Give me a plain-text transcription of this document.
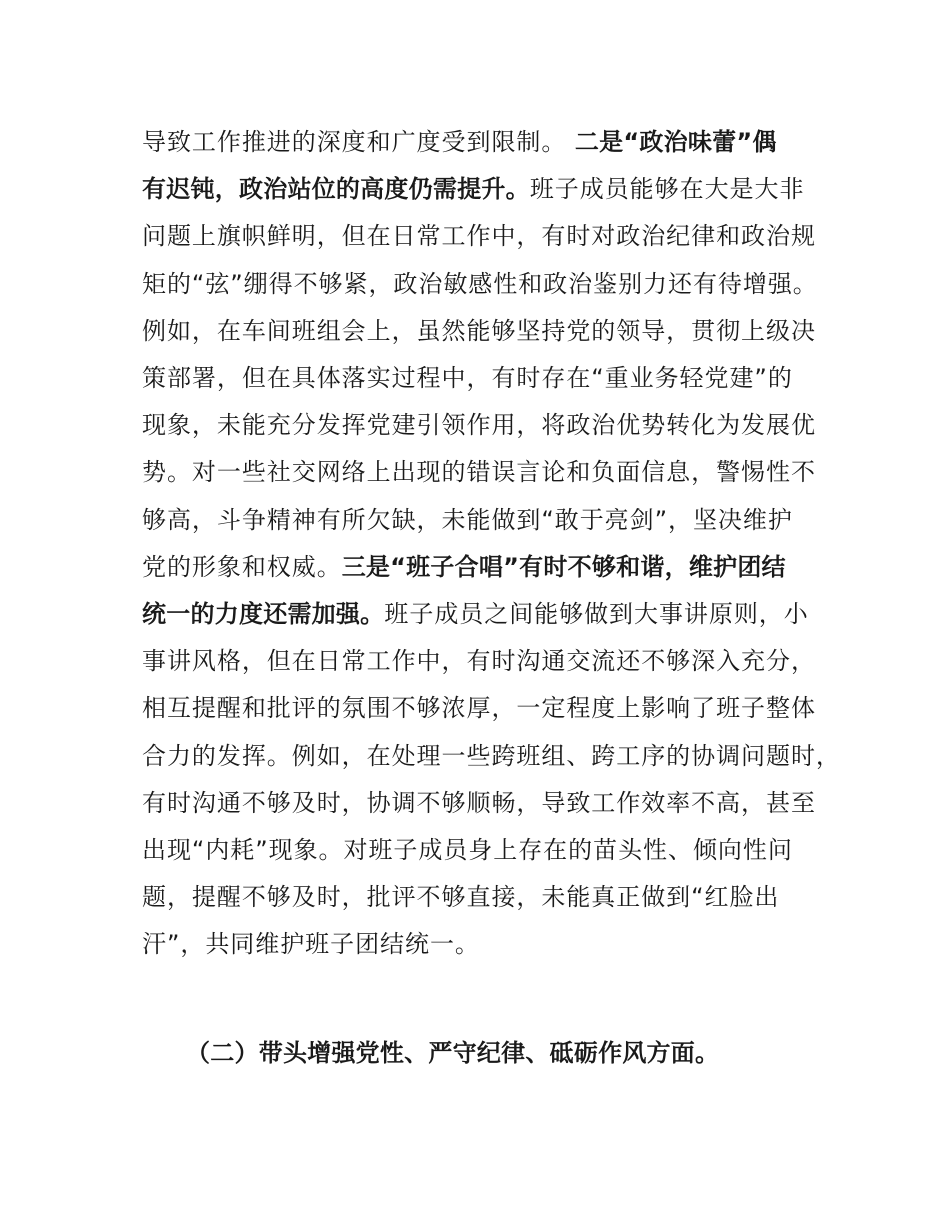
导致工作推进的深度和广度受到限制。 二是“政治味蕾”偶
有迟钝，政治站位的高度仍需提升。班子成员能够在大是大非
问题上旗帜鲜明，但在日常工作中，有时对政治纪律和政治规
矩的“弦”绷得不够紧，政治敏感性和政治鉴别力还有待增强。
例如，在车间班组会上，虽然能够坚持党的领导，贯彻上级决
策部署，但在具体落实过程中，有时存在“重业务轻党建”的
现象，未能充分发挥党建引领作用，将政治优势转化为发展优
势。对一些社交网络上出现的错误言论和负面信息，警惕性不
够高，斗争精神有所欠缺，未能做到“敢于亮剑”，坚决维护
党的形象和权威。三是“班子合唱”有时不够和谐，维护团结
统一的力度还需加强。班子成员之间能够做到大事讲原则，小
事讲风格，但在日常工作中，有时沟通交流还不够深入充分，
相互提醒和批评的氛围不够浓厚，一定程度上影响了班子整体
合力的发挥。例如，在处理一些跨班组、跨工序的协调问题时，
有时沟通不够及时，协调不够顺畅，导致工作效率不高，甚至
出现“内耗”现象。对班子成员身上存在的苗头性、倾向性问
题，提醒不够及时，批评不够直接，未能真正做到“红脸出
汗”，共同维护班子团结统一。
（二）带头增强党性、严守纪律、砥砺作风方面。
